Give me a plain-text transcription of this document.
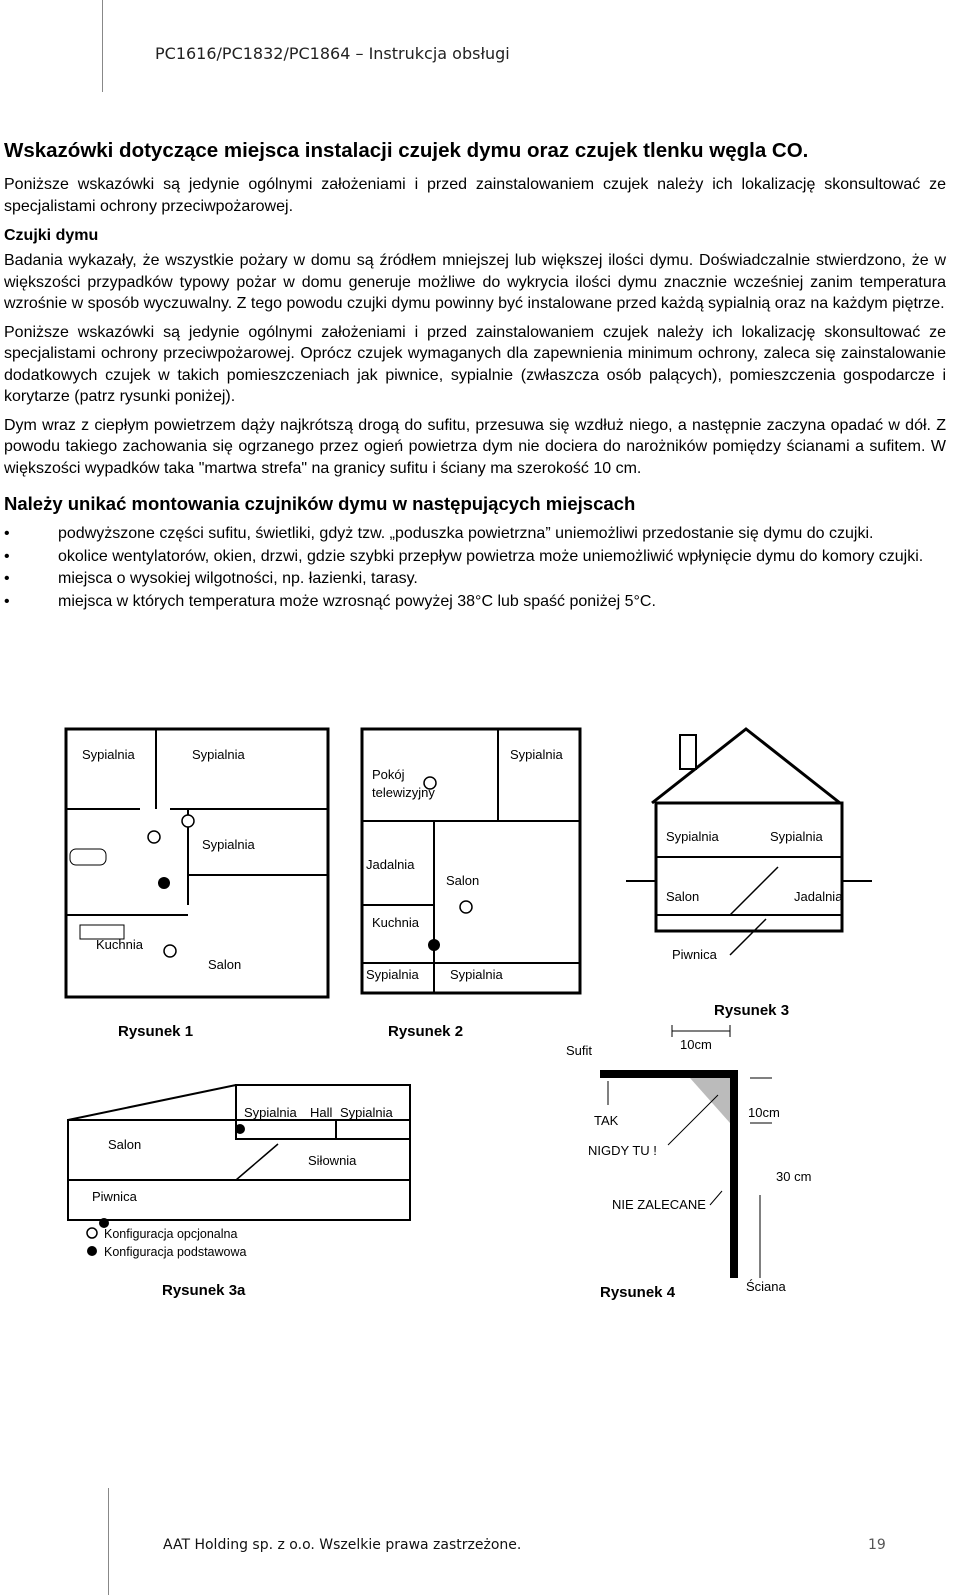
PC1616/PC1832/PC1864 – Instrukcja obsługi
Wskazówki dotyczące miejsca instalacji czujek dymu oraz czujek tlenku węgla CO.

Poniższe wskazówki są jedynie ogólnymi założeniami i przed zainstalowaniem czujek należy ich lokalizację skonsultować ze specjalistami ochrony przeciwpożarowej.

Czujki dymu

Badania wykazały, że wszystkie pożary w domu są źródłem mniejszej lub większej ilości dymu. Doświadczalnie stwierdzono, że w większości przypadków typowy pożar w domu generuje możliwe do wykrycia ilości dymu znacznie wcześniej zanim temperatura wzrośnie w sposób wyczuwalny. Z tego powodu czujki dymu powinny być instalowane przed każdą sypialnią oraz na każdym piętrze.

Poniższe wskazówki są jedynie ogólnymi założeniami i przed zainstalowaniem czujek należy ich lokalizację skonsultować ze specjalistami ochrony przeciwpożarowej. Oprócz czujek wymaganych dla zapewnienia minimum ochrony, zaleca się zainstalowanie dodatkowych czujek w takich pomieszczeniach jak piwnice, sypialnie (zwłaszcza osób palących), pomieszczenia gospodarcze i korytarze (patrz rysunki poniżej).

Dym wraz z ciepłym powietrzem dąży najkrótszą drogą do sufitu, przesuwa się wzdłuż niego, a następnie zaczyna opadać w dół. Z powodu takiego zachowania się ogrzanego przez ogień powietrza dym nie dociera do narożników pomiędzy ścianami a sufitem. W większości wypadków taka "martwa strefa" na granicy sufitu i ściany ma szerokość 10 cm.

Należy unikać montowania czujników dymu w następujących miejscach
• podwyższone części sufitu, świetliki, gdyż tzw. „poduszka powietrzna” uniemożliwi przedostanie się dymu do czujki.
• okolice wentylatorów, okien, drzwi, gdzie szybki przepływ powietrza może uniemożliwić wpłynięcie dymu do komory czujki.
• miejsca o wysokiej wilgotności, np. łazienki, tarasy.
• miejsca w których temperatura może wzrosnąć powyżej 38°C lub spaść poniżej 5°C.
Sypialnia	Sypialnia
Sypialnia
Kuchnia
Salon
Rysunek 1
Sypialnia
Pokój
telewizyjny
Jadalnia
Salon
Kuchnia
Sypialnia Sypialnia
Rysunek 2
Sypialnia	Sypialnia
Salon	Jadalnia
Piwnica
Rysunek 3
Sypialnia Hall Sypialnia
Salon
Siłownia
Piwnica
Konfiguracja opcjonalna
Konfiguracja podstawowa
Rysunek 3a
Sufit	10cm
TAK
NIGDY TU !
10cm
30 cm
NIE ZALECANE
Ściana
Rysunek 4
AAT Holding sp. z o.o. Wszelkie prawa zastrzeżone.	19
